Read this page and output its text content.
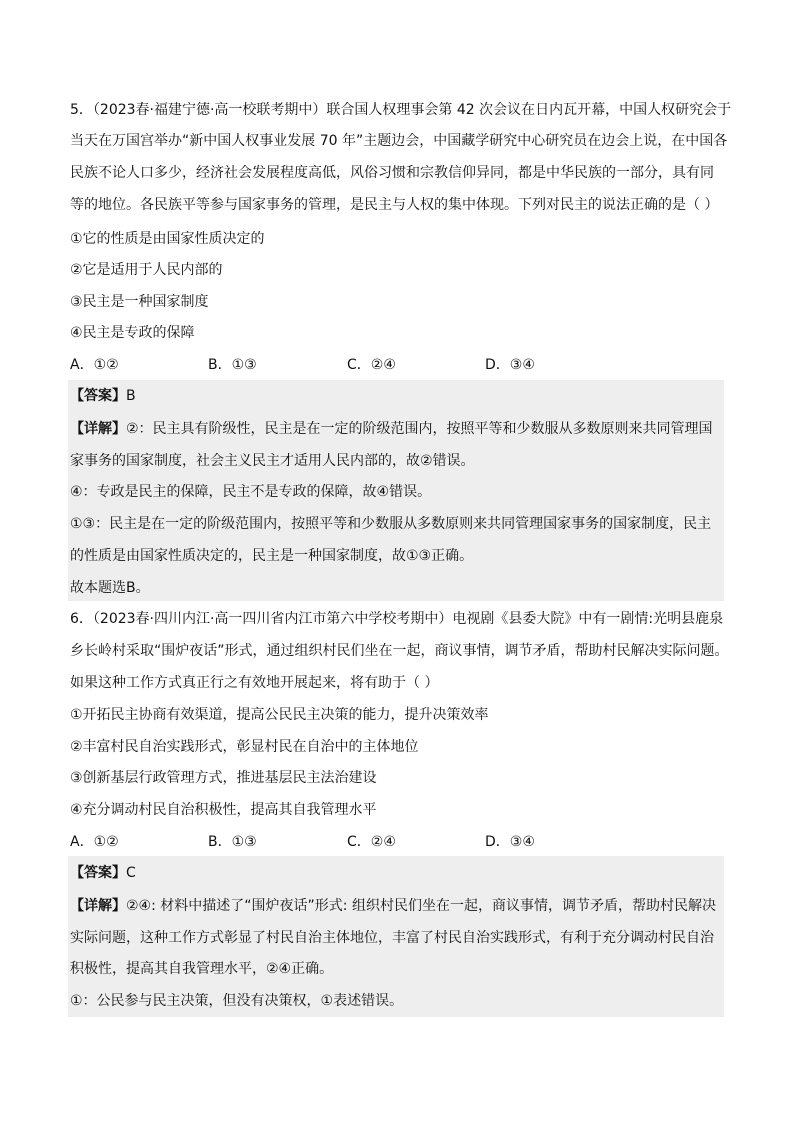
5．（2023春·福建宁德·高一校联考期中）联合国人权理事会第 42 次会议在日内瓦开幕，中国人权研究会于
当天在万国宫举办“新中国人权事业发展 70 年”主题边会，中国藏学研究中心研究员在边会上说，在中国各
民族不论人口多少，经济社会发展程度高低，风俗习惯和宗教信仰异同，都是中华民族的一部分，具有同
等的地位。各民族平等参与国家事务的管理，是民主与人权的集中体现。下列对民主的说法正确的是（ ）
①它的性质是由国家性质决定的
②它是适用于人民内部的
③民主是一种国家制度
④民主是专政的保障
A．①②	B．①③	C．②④	D．③④
【答案】B
【详解】②：民主具有阶级性，民主是在一定的阶级范围内，按照平等和少数服从多数原则来共同管理国
家事务的国家制度，社会主义民主才适用人民内部的，故②错误。
④：专政是民主的保障，民主不是专政的保障，故④错误。
①③：民主是在一定的阶级范围内，按照平等和少数服从多数原则来共同管理国家事务的国家制度，民主
的性质是由国家性质决定的，民主是一种国家制度，故①③正确。
故本题选B。
6．（2023春·四川内江·高一四川省内江市第六中学校考期中）电视剧《县委大院》中有一剧情:光明县鹿泉
乡长岭村采取“围炉夜话”形式，通过组织村民们坐在一起，商议事情，调节矛盾，帮助村民解决实际问题。
如果这种工作方式真正行之有效地开展起来，将有助于（ ）
①开拓民主协商有效渠道，提高公民民主决策的能力，提升决策效率
②丰富村民自治实践形式，彰显村民在自治中的主体地位
③创新基层行政管理方式，推进基层民主法治建设
④充分调动村民自治积极性，提高其自我管理水平
A．①②	B．①③	C．②④	D．③④
【答案】C
【详解】②④: 材料中描述了“围炉夜话”形式: 组织村民们坐在一起，商议事情，调节矛盾，帮助村民解决
实际问题，这种工作方式彰显了村民自治主体地位，丰富了村民自治实践形式，有利于充分调动村民自治
积极性，提高其自我管理水平，②④正确。
①：公民参与民主决策，但没有决策权，①表述错误。
